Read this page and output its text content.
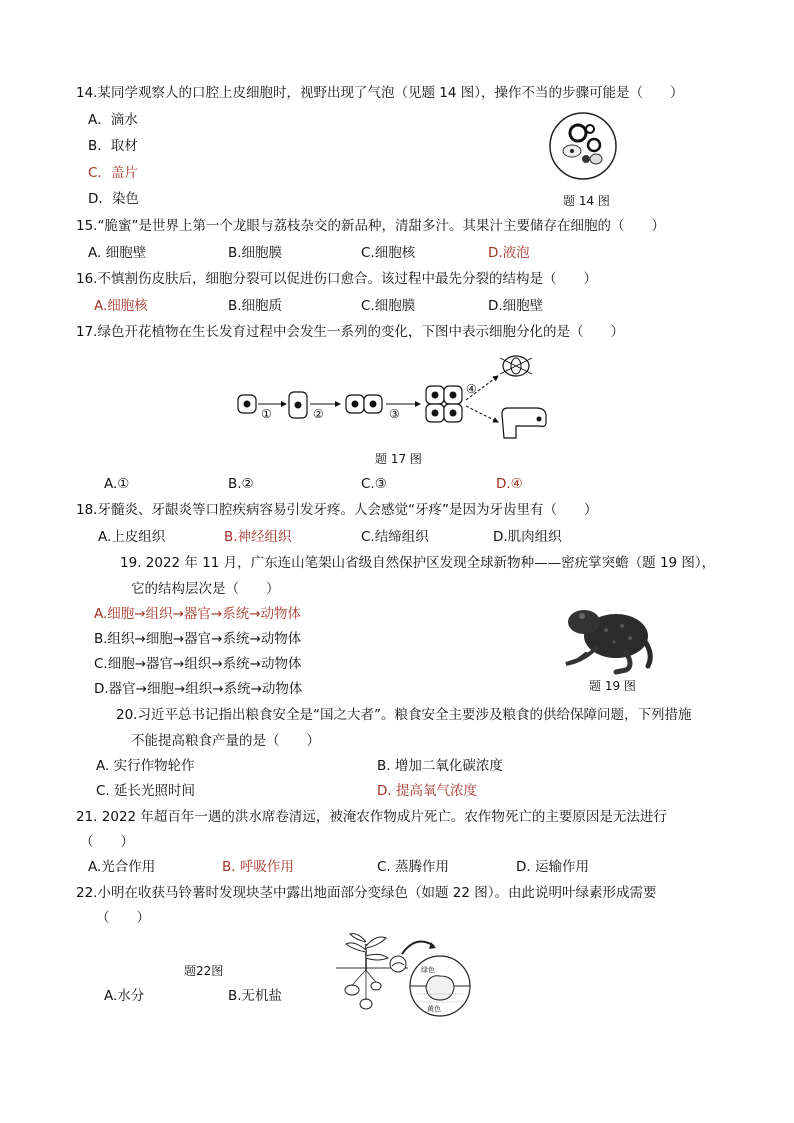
14.某同学观察人的口腔上皮细胞时，视野出现了气泡（见题 14 图），操作不当的步骤可能是（　　）
A．滴水
B．取材
C．盖片
D．染色	题 14 图
15.“脆蜜”是世界上第一个龙眼与荔枝杂交的新品种，清甜多汁。其果汁主要储存在细胞的（　　）
A. 细胞壁	B.细胞膜	C.细胞核	D.液泡
16.不慎割伤皮肤后，细胞分裂可以促进伤口愈合。该过程中最先分裂的结构是（　　）
A.细胞核	B.细胞质	C.细胞膜	D.细胞壁
17.绿色开花植物在生长发育过程中会发生一系列的变化，下图中表示细胞分化的是（　　）
①	②	③
④
题 17 图
A.①	B.②	C.③	D.④
18.牙髓炎、牙龈炎等口腔疾病容易引发牙疼。人会感觉“牙疼”是因为牙齿里有（　　）
A.上皮组织	B.神经组织	C.结缔组织	D.肌肉组织
19. 2022 年 11 月，广东连山笔架山省级自然保护区发现全球新物种——密疣掌突蟾（题 19 图），
它的结构层次是（　　）
A.细胞→组织→器官→系统→动物体
B.组织→细胞→器官→系统→动物体
C.细胞→器官→组织→系统→动物体
D.器官→细胞→组织→系统→动物体	题 19 图
20.习近平总书记指出粮食安全是“国之大者”。粮食安全主要涉及粮食的供给保障问题，下列措施
不能提高粮食产量的是（　　）
A. 实行作物轮作	B. 增加二氧化碳浓度
C. 延长光照时间	D. 提高氧气浓度
21. 2022 年超百年一遇的洪水席卷清远，被淹农作物成片死亡。农作物死亡的主要原因是无法进行
（　　）
A.光合作用	B. 呼吸作用	C. 蒸腾作用	D. 运输作用
22.小明在收获马铃薯时发现块茎中露出地面部分变绿色（如题 22 图）。由此说明叶绿素形成需要
（　　）
题22图
A.水分	B.无机盐
绿色
黄色
